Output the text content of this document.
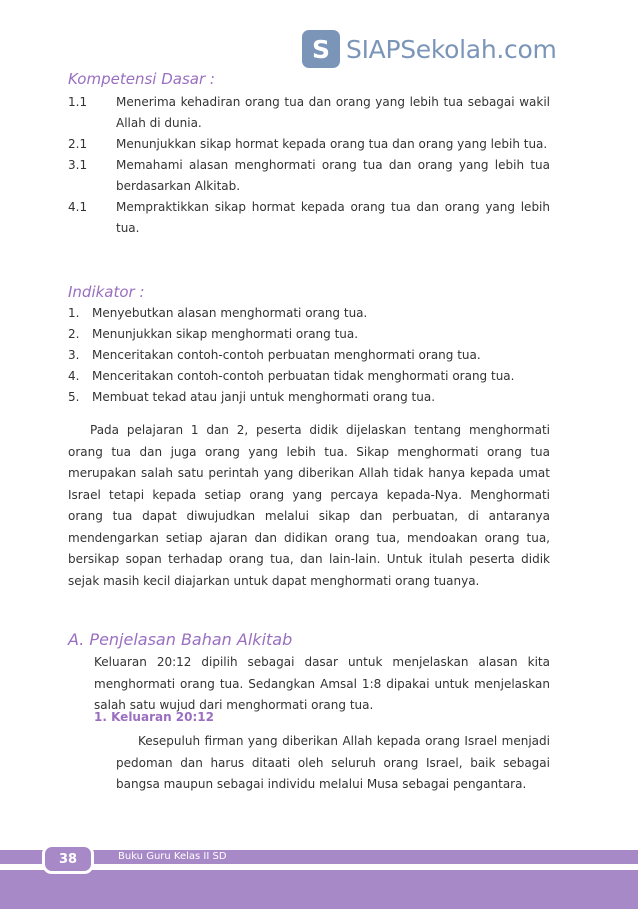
S SIAPSekolah.com
Kompetensi Dasar :
1.1	Menerima kehadiran orang tua dan orang yang lebih tua sebagai wakil Allah di dunia.
2.1	Menunjukkan sikap hormat kepada orang tua dan orang yang lebih tua.
3.1	Memahami alasan menghormati orang tua dan orang yang lebih tua berdasarkan Alkitab.
4.1	Mempraktikkan sikap hormat kepada orang tua dan orang yang lebih tua.
Indikator :
1.	Menyebutkan alasan menghormati orang tua.
2.	Menunjukkan sikap menghormati orang tua.
3.	Menceritakan contoh-contoh perbuatan menghormati orang tua.
4.	Menceritakan contoh-contoh perbuatan tidak menghormati orang tua.
5.	Membuat tekad atau janji untuk menghormati orang tua.
Pada pelajaran 1 dan 2, peserta didik dijelaskan tentang menghormati orang tua dan juga orang yang lebih tua. Sikap menghormati orang tua merupakan salah satu perintah yang diberikan Allah tidak hanya kepada umat Israel tetapi kepada setiap orang yang percaya kepada-Nya. Menghormati orang tua dapat diwujudkan melalui sikap dan perbuatan, di antaranya mendengarkan setiap ajaran dan didikan orang tua, mendoakan orang tua, bersikap sopan terhadap orang tua, dan lain-lain. Untuk itulah peserta didik sejak masih kecil diajarkan untuk dapat menghormati orang tuanya.
A. Penjelasan Bahan Alkitab
Keluaran 20:12 dipilih sebagai dasar untuk menjelaskan alasan kita menghormati orang tua. Sedangkan Amsal 1:8 dipakai untuk menjelaskan salah satu wujud dari menghormati orang tua.
1. Keluaran 20:12
Kesepuluh firman yang diberikan Allah kepada orang Israel menjadi pedoman dan harus ditaati oleh seluruh orang Israel, baik sebagai bangsa maupun sebagai individu melalui Musa sebagai pengantara.
38	Buku Guru Kelas II SD
